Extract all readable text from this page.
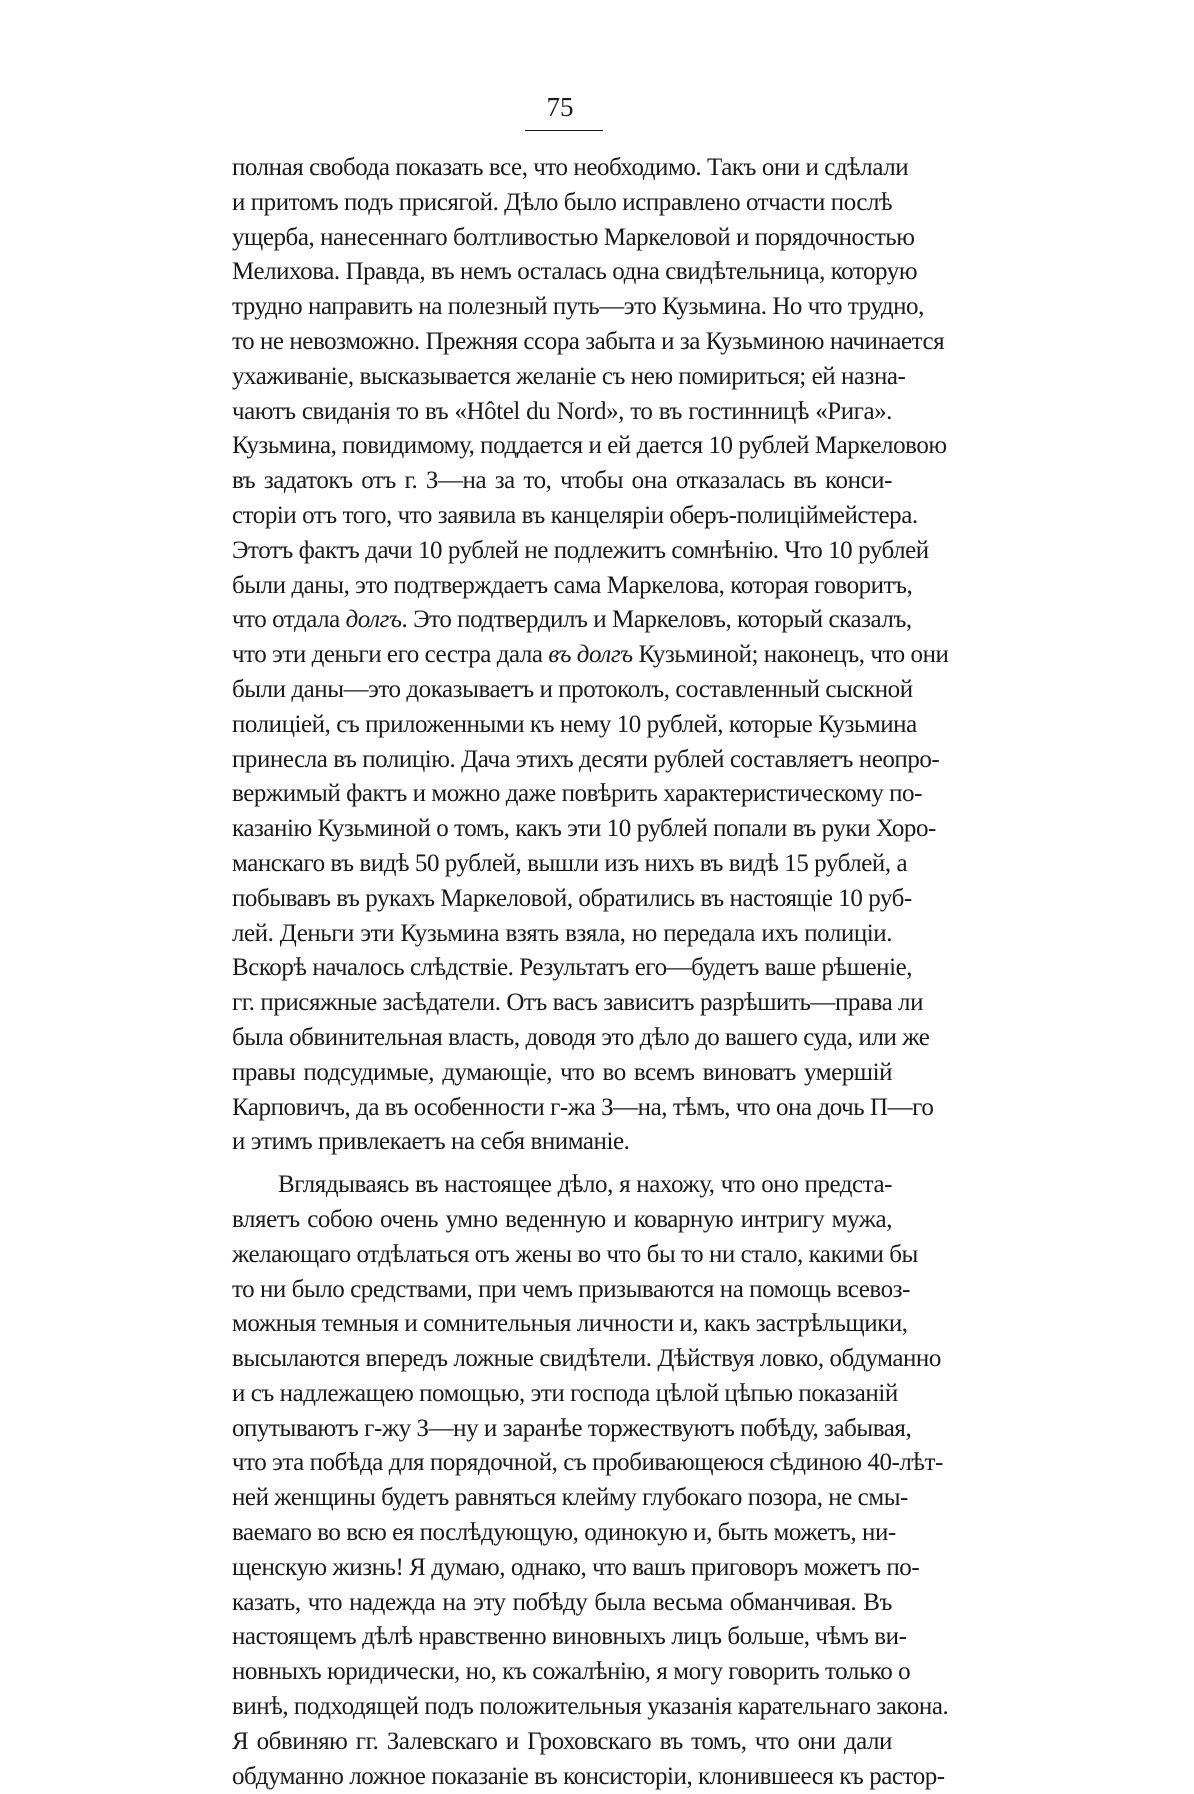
75
полная свобода показать все, что необходимо. Такъ они и сдѣлали
и притомъ подъ присягой. Дѣло было исправлено отчасти послѣ
ущерба, нанесеннаго болтливостью Маркеловой и порядочностью
Мелихова. Правда, въ немъ осталась одна свидѣтельница, которую
трудно направить на полезный путь—это Кузьмина. Но что трудно,
то не невозможно. Прежняя ссора забыта и за Кузьминою начинается
ухаживаніе, высказывается желаніе съ нею помириться; ей назна-
чаютъ свиданія то въ «Hôtel du Nord», то въ гостинницѣ «Рига».
Кузьмина, повидимому, поддается и ей дается 10 рублей Маркеловою
въ задатокъ отъ г. З—на за то, чтобы она отказалась въ конси-
сторіи отъ того, что заявила въ канцеляріи оберъ-полицiймейстера.
Этотъ фактъ дачи 10 рублей не подлежитъ сомнѣнію. Что 10 рублей
были даны, это подтверждаетъ сама Маркелова, которая говоритъ,
что отдала долгъ. Это подтвердилъ и Маркеловъ, который сказалъ,
что эти деньги его сестра дала въ долгъ Кузьминой; наконецъ, что они
были даны—это доказываетъ и протоколъ, составленный сыскной
полиціей, съ приложенными къ нему 10 рублей, которые Кузьмина
принесла въ полицію. Дача этихъ десяти рублей составляетъ неопро-
вержимый фактъ и можно даже повѣрить характеристическому по-
казанію Кузьминой о томъ, какъ эти 10 рублей попали въ руки Хоро-
манскаго въ видѣ 50 рублей, вышли изъ нихъ въ видѣ 15 рублей, а
побывавъ въ рукахъ Маркеловой, обратились въ настоящіе 10 руб-
лей. Деньги эти Кузьмина взять взяла, но передала ихъ полиціи.
Вскорѣ началось слѣдствіе. Результатъ его—будетъ ваше рѣшеніе,
гг. присяжные засѣдатели. Отъ васъ зависитъ разрѣшить—права ли
была обвинительная власть, доводя это дѣло до вашего суда, или же
правы подсудимые, думающіе, что во всемъ виноватъ умершій
Карповичъ, да въ особенности г-жа З—на, тѣмъ, что она дочь П—го
и этимъ привлекаетъ на себя вниманіе.
Вглядываясь въ настоящее дѣло, я нахожу, что оно предста-
вляетъ собою очень умно веденную и коварную интригу мужа,
желающаго отдѣлаться отъ жены во что бы то ни стало, какими бы
то ни было средствами, при чемъ призываются на помощь всевоз-
можныя темныя и сомнительныя личности и, какъ застрѣльщики,
высылаются впередъ ложные свидѣтели. Дѣйствуя ловко, обдуманно
и съ надлежащею помощью, эти господа цѣлой цѣпью показаній
опутываютъ г-жу З—ну и заранѣе торжествуютъ побѣду, забывая,
что эта побѣда для порядочной, съ пробивающеюся сѣдиною 40-лѣт-
ней женщины будетъ равняться клейму глубокаго позора, не смы-
ваемаго во всю ея послѣдующую, одинокую и, быть можетъ, ни-
щенскую жизнь! Я думаю, однако, что вашъ приговоръ можетъ по-
казать, что надежда на эту побѣду была весьма обманчивая. Въ
настоящемъ дѣлѣ нравственно виновныхъ лицъ больше, чѣмъ ви-
новныхъ юридически, но, къ сожалѣнію, я могу говорить только о
винѣ, подходящей подъ положительныя указанія карательнаго закона.
Я обвиняю гг. Залевскаго и Гроховскаго въ томъ, что они дали
обдуманно ложное показаніе въ консисторіи, клонившееся къ растор-
